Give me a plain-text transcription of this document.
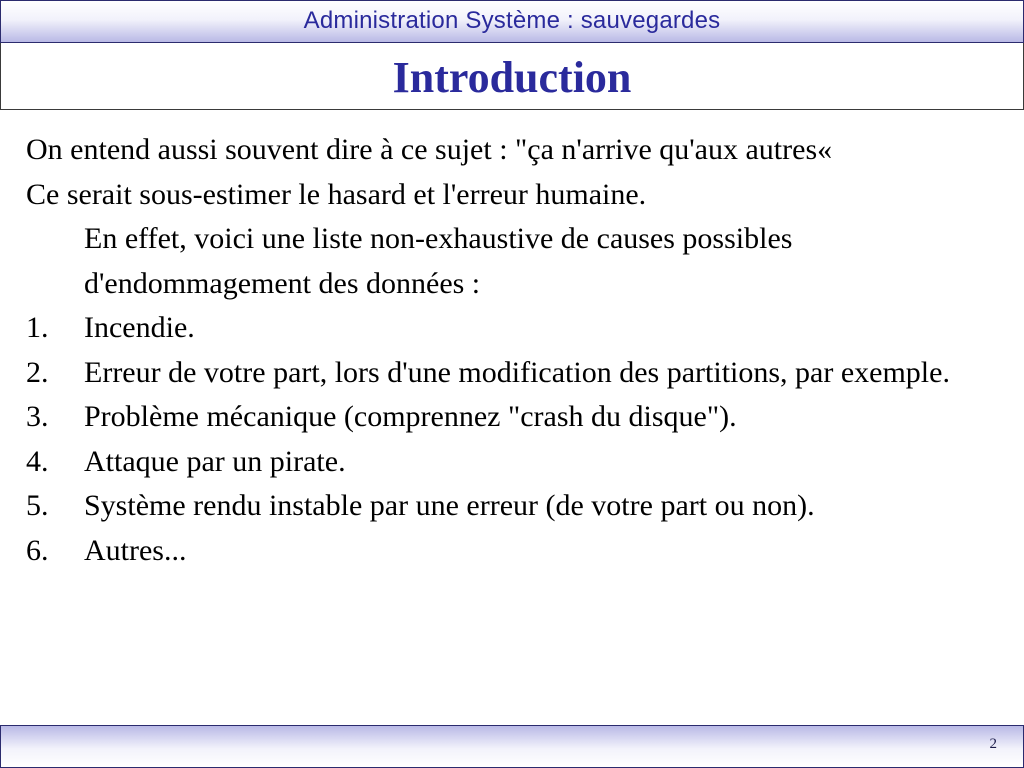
Administration Système : sauvegardes
Introduction

On entend aussi souvent dire à ce sujet : "ça n'arrive qu'aux autres«

Ce serait sous-estimer le hasard et l'erreur humaine.

En effet, voici une liste non-exhaustive de causes possibles d'endommagement des données :

1.	Incendie.
2.	Erreur de votre part, lors d'une modification des partitions, par exemple.
3.	Problème mécanique (comprennez "crash du disque").
4.	Attaque par un pirate.
5.	Système rendu instable par une erreur (de votre part ou non).
6.	Autres...
2
